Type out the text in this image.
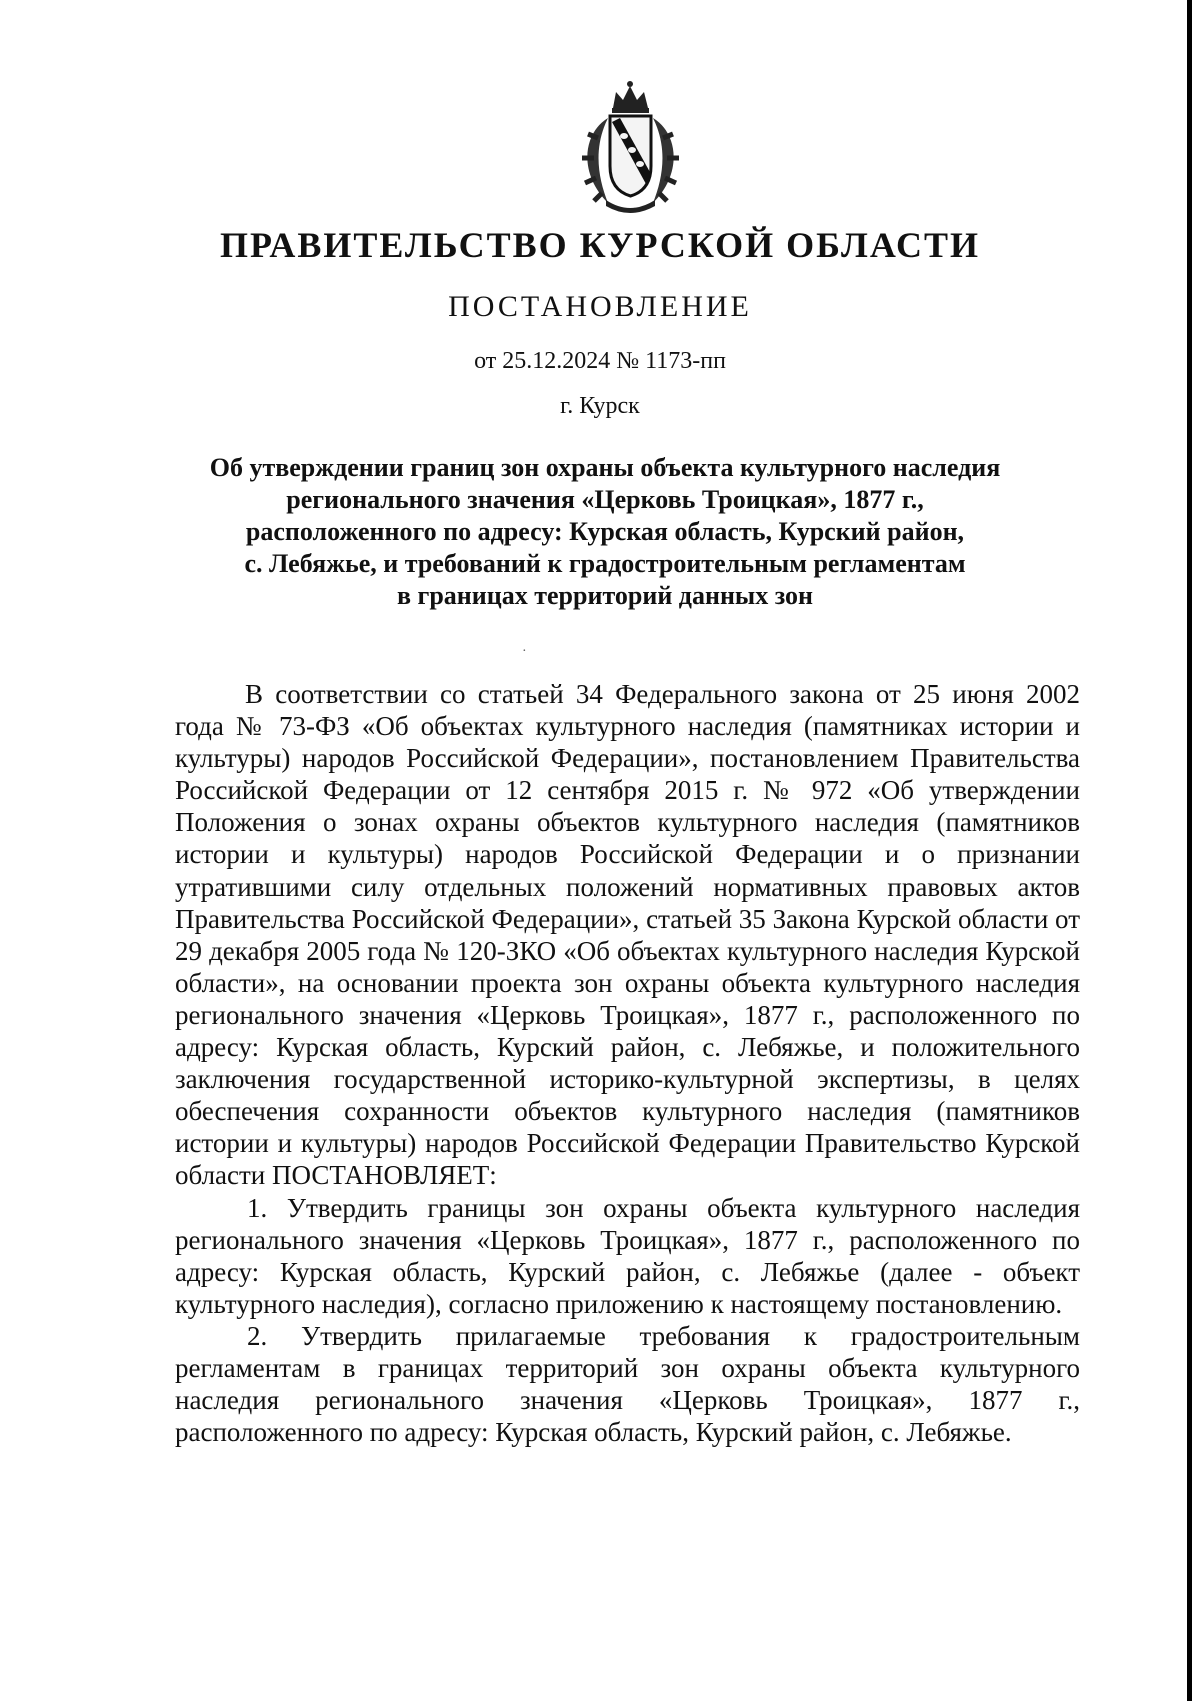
ПРАВИТЕЛЬСТВО КУРСКОЙ ОБЛАСТИ
ПОСТАНОВЛЕНИЕ
от 25.12.2024 № 1173-пп
г. Курск
Об утверждении границ зон охраны объекта культурного наследия
регионального значения «Церковь Троицкая», 1877 г.,
расположенного по адресу: Курская область, Курский район,
с. Лебяжье, и требований к градостроительным регламентам
в границах территорий данных зон
·

В соответствии со статьей 34 Федерального закона от 25 июня 2002 года № 73-ФЗ «Об объектах культурного наследия (памятниках истории и культуры) народов Российской Федерации», постановлением Правительства Российской Федерации от 12 сентября 2015 г. № 972 «Об утверждении Положения о зонах охраны объектов культурного наследия (памятников истории и культуры) народов Российской Федерации и о признании утратившими силу отдельных положений нормативных правовых актов Правительства Российской Федерации», статьей 35 Закона Курской области от 29 декабря 2005 года № 120-ЗКО «Об объектах культурного наследия Курской области», на основании проекта зон охраны объекта культурного наследия регионального значения «Церковь Троицкая», 1877 г., расположенного по адресу: Курская область, Курский район, с. Лебяжье, и положительного заключения государственной историко-культурной экспертизы, в целях обеспечения сохранности объектов культурного наследия (памятников истории и культуры) народов Российской Федерации Правительство Курской области ПОСТАНОВЛЯЕТ:

1. Утвердить границы зон охраны объекта культурного наследия регионального значения «Церковь Троицкая», 1877 г., расположенного по адресу: Курская область, Курский район, с. Лебяжье (далее - объект культурного наследия), согласно приложению к настоящему постановлению.

2. Утвердить прилагаемые требования к градостроительным регламентам в границах территорий зон охраны объекта культурного наследия регионального значения «Церковь Троицкая», 1877 г., расположенного по адресу: Курская область, Курский район, с. Лебяжье.
